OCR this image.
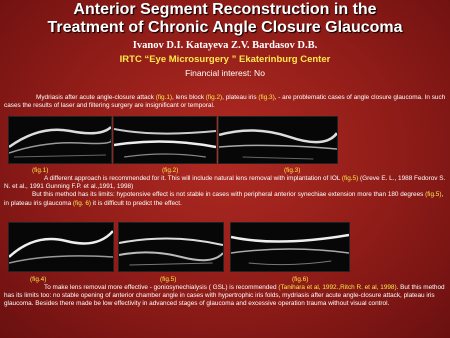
Anterior Segment Reconstruction in the
Treatment of Chronic Angle Closure Glaucoma
Ivanov D.I. Katayeva Z.V. Bardasov D.B.
IRTC “Eye Microsurgery ” Ekaterinburg Center
Financial interest: No
Mydriasis after acute angle-closure attack (fig.1), lens block (fig.2), plateau iris (fig.3), - are problematic cases of angle closure glaucoma. In such cases the results of laser and filtering surgery are insignificant or temporal.
(fig.1)	(fig.2)	(fig.3)
A different approach is recommended for it. This will include natural lens removal with implantation of IOL (fig.5) (Greve E. L., 1988 Fedorov S. N. et al., 1991 Gunning F.P. et al.,1991, 1998)
But this method has its limits: hypotensive effect is not stable in cases with peripheral anterior synechiae extension more than 180 degrees (fig.5), in plateau iris glaucoma (fig. 6) it is difficult to predict the effect.
(fig.4)	(fig.5)	(fig.6)
To make lens removal more effective - goniosynechialysis ( GSL) is recommended (Tanihara et al, 1992.,Ritch R. et al, 1998). But this method has its limits too: no stable opening of anterior chamber angle in cases with hypertrophic iris folds, mydriasis after acute angle-closure attack, plateau iris glaucoma. Besides there made be low effectivity in advanced stages of glaucoma and excessive operation trauma without visual control.
